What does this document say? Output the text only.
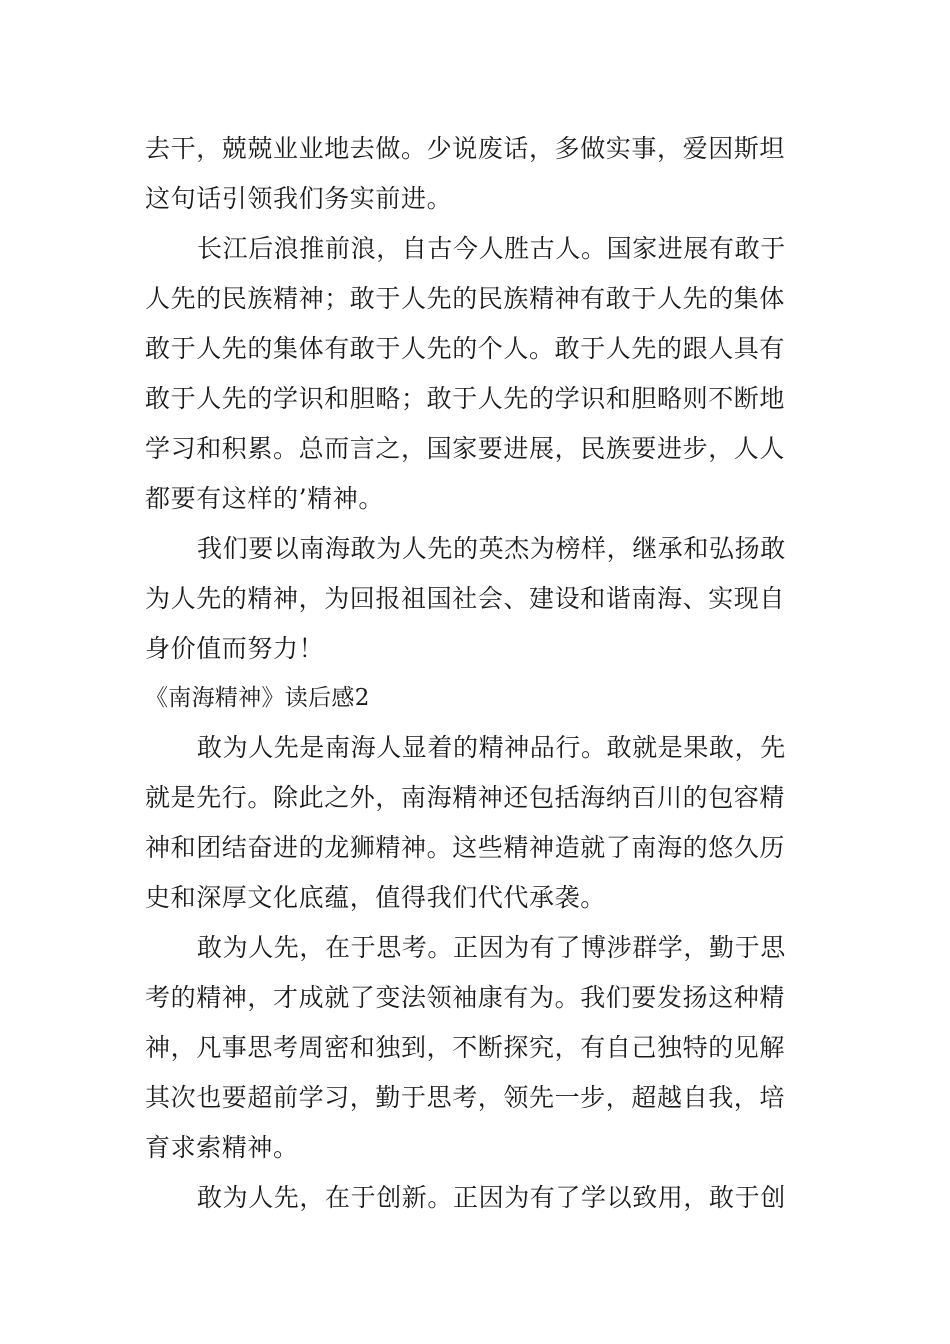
去干，兢兢业业地去做。少说废话，多做实事，爱因斯坦
这句话引领我们务实前进。
长江后浪推前浪，自古今人胜古人。国家进展有敢于
人先的民族精神；敢于人先的民族精神有敢于人先的集体
敢于人先的集体有敢于人先的个人。敢于人先的跟人具有
敢于人先的学识和胆略；敢于人先的学识和胆略则不断地
学习和积累。总而言之，国家要进展，民族要进步，人人
都要有这样的’精神。
我们要以南海敢为人先的英杰为榜样，继承和弘扬敢
为人先的精神，为回报祖国社会、建设和谐南海、实现自
身价值而努力！
《南海精神》读后感2
敢为人先是南海人显着的精神品行。敢就是果敢，先
就是先行。除此之外，南海精神还包括海纳百川的包容精
神和团结奋进的龙狮精神。这些精神造就了南海的悠久历
史和深厚文化底蕴，值得我们代代承袭。
敢为人先，在于思考。正因为有了博涉群学，勤于思
考的精神，才成就了变法领袖康有为。我们要发扬这种精
神，凡事思考周密和独到，不断探究，有自己独特的见解
其次也要超前学习，勤于思考，领先一步，超越自我，培
育求索精神。
敢为人先，在于创新。正因为有了学以致用，敢于创
